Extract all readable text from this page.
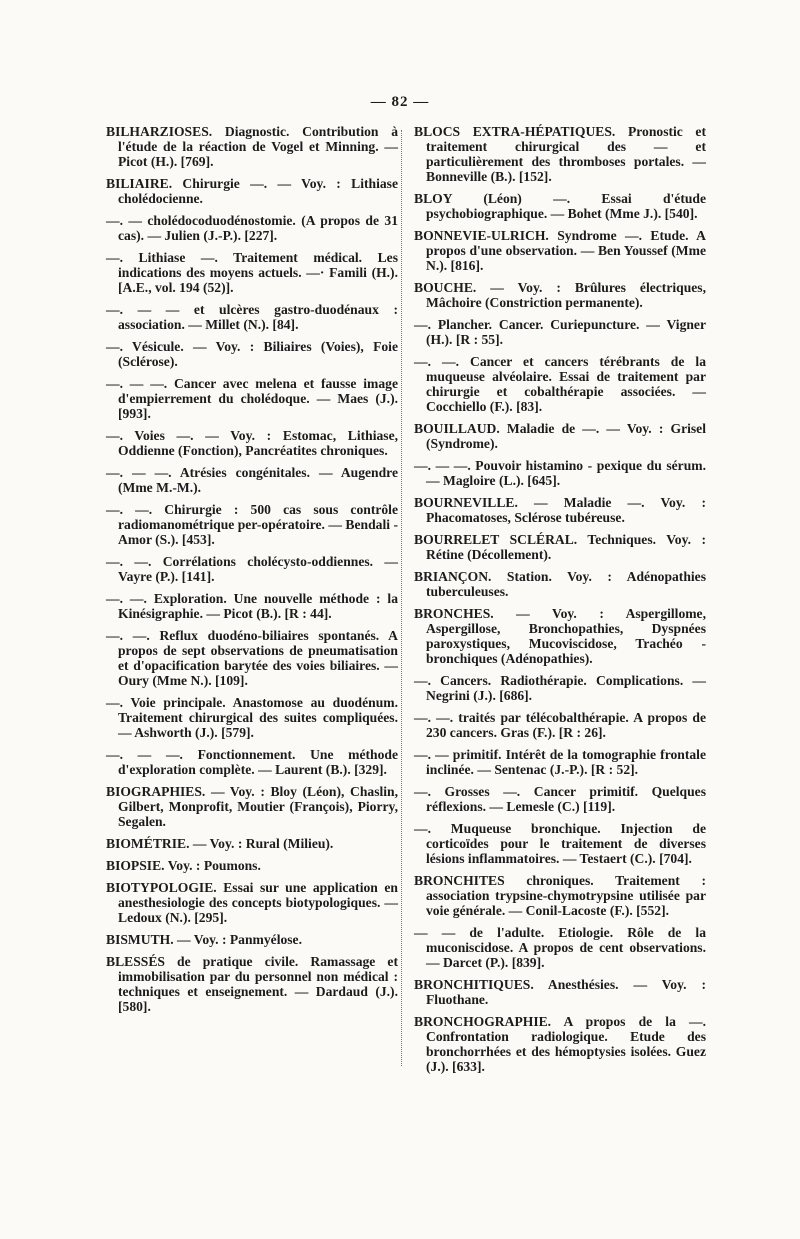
— 82 —

BILHARZIOSES. Diagnostic. Contribution à l'étude de la réaction de Vogel et Minning. — Picot (H.). [769].

BILIAIRE. Chirurgie —. — Voy. : Lithiase cholédocienne.

—. — cholédocoduodénostomie. (A propos de 31 cas). — Julien (J.-P.). [227].

—. Lithiase —. Traitement médical. Les indications des moyens actuels. —· Famili (H.). [A.E., vol. 194 (52)].

—. — — et ulcères gastro-duodénaux : association. — Millet (N.). [84].

—. Vésicule. — Voy. : Biliaires (Voies), Foie (Sclérose).

—. — —. Cancer avec melena et fausse image d'empierrement du cholédoque. — Maes (J.). [993].

—. Voies —. — Voy. : Estomac, Lithiase, Oddienne (Fonction), Pancréatites chroniques.

—. — —. Atrésies congénitales. — Augendre (Mme M.-M.).

—. —. Chirurgie : 500 cas sous contrôle radiomanométrique per-opératoire. — Bendali - Amor (S.). [453].

—. —. Corrélations cholécysto-oddiennes. — Vayre (P.). [141].

—. —. Exploration. Une nouvelle méthode : la Kinésigraphie. — Picot (B.). [R : 44].

—. —. Reflux duodéno-biliaires spontanés. A propos de sept observations de pneumatisation et d'opacification barytée des voies biliaires. — Oury (Mme N.). [109].

—. Voie principale. Anastomose au duodénum. Traitement chirurgical des suites compliquées. — Ashworth (J.). [579].

—. — —. Fonctionnement. Une méthode d'exploration complète. — Laurent (B.). [329].

BIOGRAPHIES. — Voy. : Bloy (Léon), Chaslin, Gilbert, Monprofit, Moutier (François), Piorry, Segalen.

BIOMÉTRIE. — Voy. : Rural (Milieu).

BIOPSIE. Voy. : Poumons.

BIOTYPOLOGIE. Essai sur une application en anesthesiologie des concepts biotypologiques. — Ledoux (N.). [295].

BISMUTH. — Voy. : Panmyélose.

BLESSÉS de pratique civile. Ramassage et immobilisation par du personnel non médical : techniques et enseignement. — Dardaud (J.). [580].

BLOCS EXTRA-HÉPATIQUES. Pronostic et traitement chirurgical des — et particulièrement des thromboses portales. — Bonneville (B.). [152].

BLOY (Léon) —. Essai d'étude psychobiographique. — Bohet (Mme J.). [540].

BONNEVIE-ULRICH. Syndrome —. Etude. A propos d'une observation. — Ben Youssef (Mme N.). [816].

BOUCHE. — Voy. : Brûlures électriques, Mâchoire (Constriction permanente).

—. Plancher. Cancer. Curiepuncture. — Vigner (H.). [R : 55].

—. —. Cancer et cancers térébrants de la muqueuse alvéolaire. Essai de traitement par chirurgie et cobalthérapie associées. — Cocchiello (F.). [83].

BOUILLAUD. Maladie de —. — Voy. : Grisel (Syndrome).

—. — —. Pouvoir histamino - pexique du sérum. — Magloire (L.). [645].

BOURNEVILLE. — Maladie —. Voy. : Phacomatoses, Sclérose tubéreuse.

BOURRELET SCLÉRAL. Techniques. Voy. : Rétine (Décollement).

BRIANÇON. Station. Voy. : Adénopathies tuberculeuses.

BRONCHES. — Voy. : Aspergillome, Aspergillose, Bronchopathies, Dyspnées paroxystiques, Mucoviscidose, Trachéo - bronchiques (Adénopathies).

—. Cancers. Radiothérapie. Complications. — Negrini (J.). [686].

—. —. traités par télécobalthérapie. A propos de 230 cancers. Gras (F.). [R : 26].

—. — primitif. Intérêt de la tomographie frontale inclinée. — Sentenac (J.-P.). [R : 52].

—. Grosses —. Cancer primitif. Quelques réflexions. — Lemesle (C.) [119].

—. Muqueuse bronchique. Injection de corticoïdes pour le traitement de diverses lésions inflammatoires. — Testaert (C.). [704].

BRONCHITES chroniques. Traitement : association trypsine-chymotrypsine utilisée par voie générale. — Conil-Lacoste (F.). [552].

— — de l'adulte. Etiologie. Rôle de la muconiscidose. A propos de cent observations. — Darcet (P.). [839].

BRONCHITIQUES. Anesthésies. — Voy. : Fluothane.

BRONCHOGRAPHIE. A propos de la —. Confrontation radiologique. Etude des bronchorrhées et des hémoptysies isolées. Guez (J.). [633].
